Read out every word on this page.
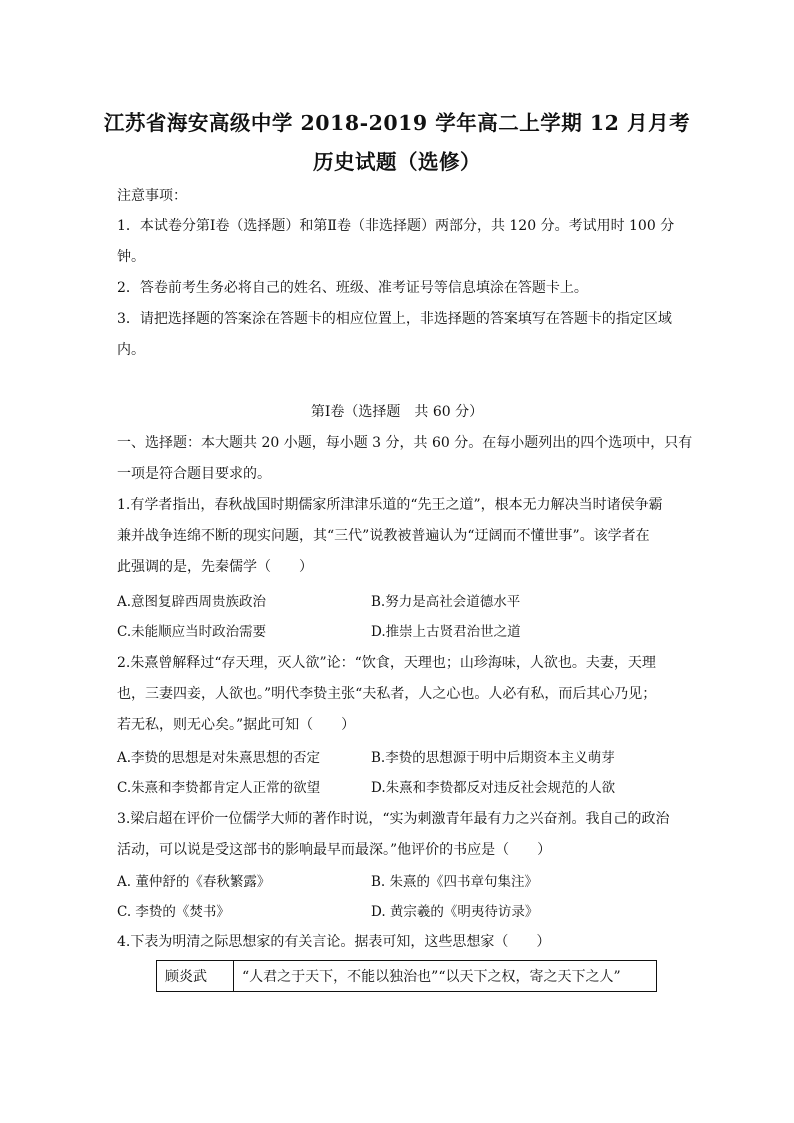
江苏省海安高级中学 2018-2019 学年高二上学期 12 月月考
历史试题（选修）
注意事项：
1．本试卷分第Ⅰ卷（选择题）和第Ⅱ卷（非选择题）两部分，共 120 分。考试用时 100 分
钟。
2．答卷前考生务必将自己的姓名、班级、准考证号等信息填涂在答题卡上。
3．请把选择题的答案涂在答题卡的相应位置上，非选择题的答案填写在答题卡的指定区域
内。
第Ⅰ卷（选择题　共 60 分）
一、选择题：本大题共 20 小题，每小题 3 分，共 60 分。在每小题列出的四个选项中，只有
一项是符合题目要求的。
1.有学者指出，春秋战国时期儒家所津津乐道的“先王之道”，根本无力解决当时诸侯争霸
兼并战争连绵不断的现实问题，其“三代”说教被普遍认为“迂阔而不懂世事”。该学者在
此强调的是，先秦儒学（　　）
A.意图复辟西周贵族政治	B.努力是高社会道德水平
C.未能顺应当时政治需要	D.推崇上古贤君治世之道
2.朱熹曾解释过“存天理，灭人欲”论：“饮食，天理也；山珍海味，人欲也。夫妻，天理
也，三妻四妾，人欲也。”明代李贽主张“夫私者，人之心也。人必有私，而后其心乃见；
若无私，则无心矣。”据此可知（　　）
A.李贽的思想是对朱熹思想的否定	B.李贽的思想源于明中后期资本主义萌芽
C.朱熹和李贽都肯定人正常的欲望	D.朱熹和李贽都反对违反社会规范的人欲
3.梁启超在评价一位儒学大师的著作时说，“实为刺激青年最有力之兴奋剂。我自己的政治
活动，可以说是受这部书的影响最早而最深。”他评价的书应是（　　）
A. 董仲舒的《春秋繁露》	B. 朱熹的《四书章句集注》
C. 李贽的《焚书》	D. 黄宗羲的《明夷待访录》
4.下表为明清之际思想家的有关言论。据表可知，这些思想家（　　）
顾炎武	“人君之于天下，不能以独治也”“以天下之权，寄之天下之人”
